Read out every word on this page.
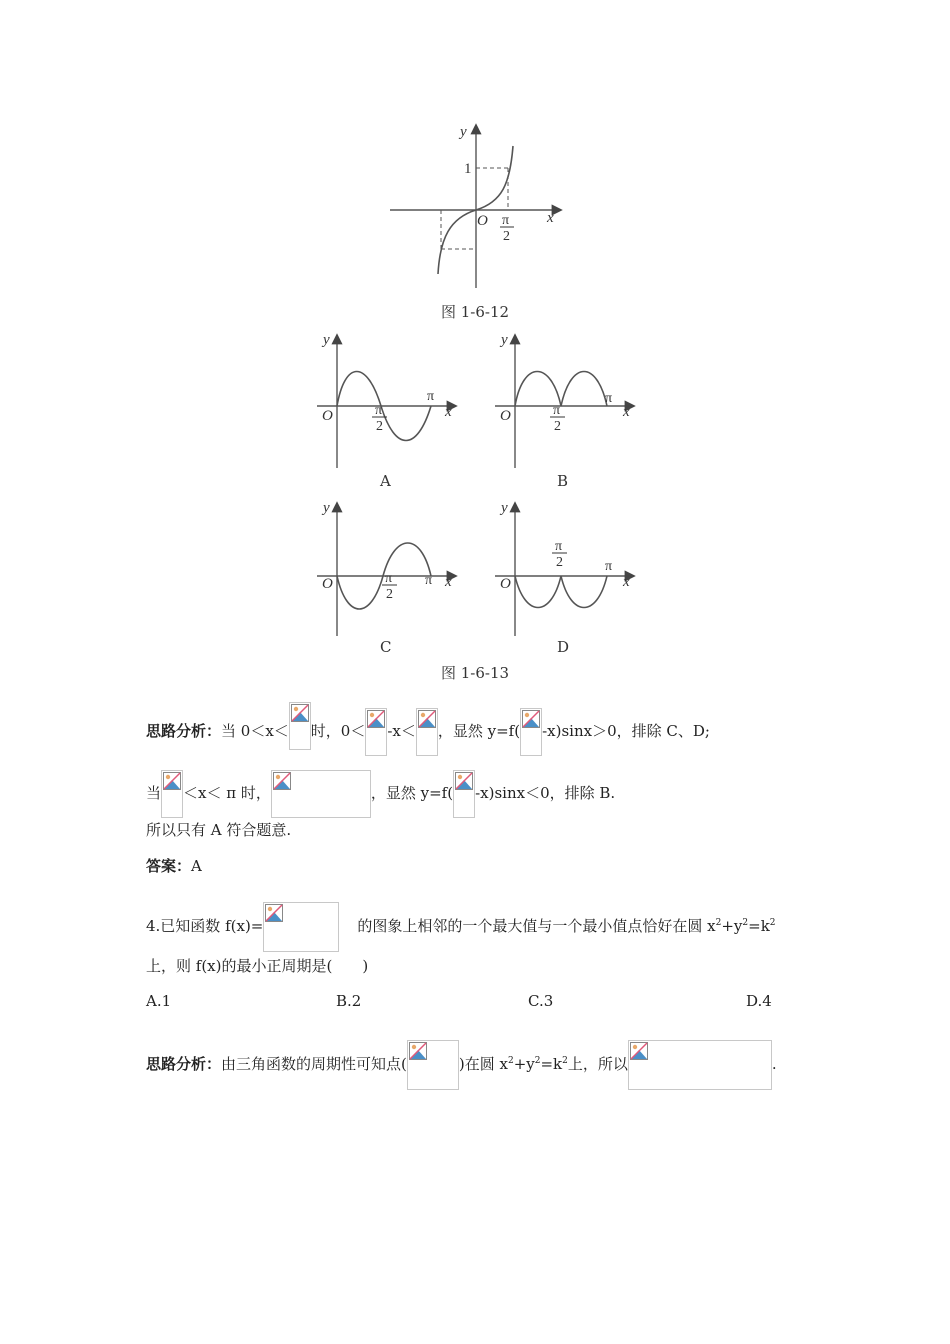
y
x
1
O π
2
图 1-6-12
y
x
O
π
π
2
A
y
x
O
π
π
2
B
y
x
O	π
π
2
C
y
x
O
π
π
2
D
图 1-6-13
思路分析：当 0＜x＜ 时，0＜ -x＜ ，显然 y=f( -x)sinx＞0，排除 C、D;
当 ＜x＜ π 时，	，显然 y=f( -x)sinx＜0，排除 B.
所以只有 A 符合题意.
答案：A
4.已知函数 f(x)=	的图象上相邻的一个最大值与一个最小值点恰好在圆 $x^2+y^2=k^2$
上，则 f(x)的最小正周期是(　　)
A.1	B.2	C.3	D.4
思路分析：由三角函数的周期性可知点(	)在圆 $x^2+y^2=k^2$上，所以	.
